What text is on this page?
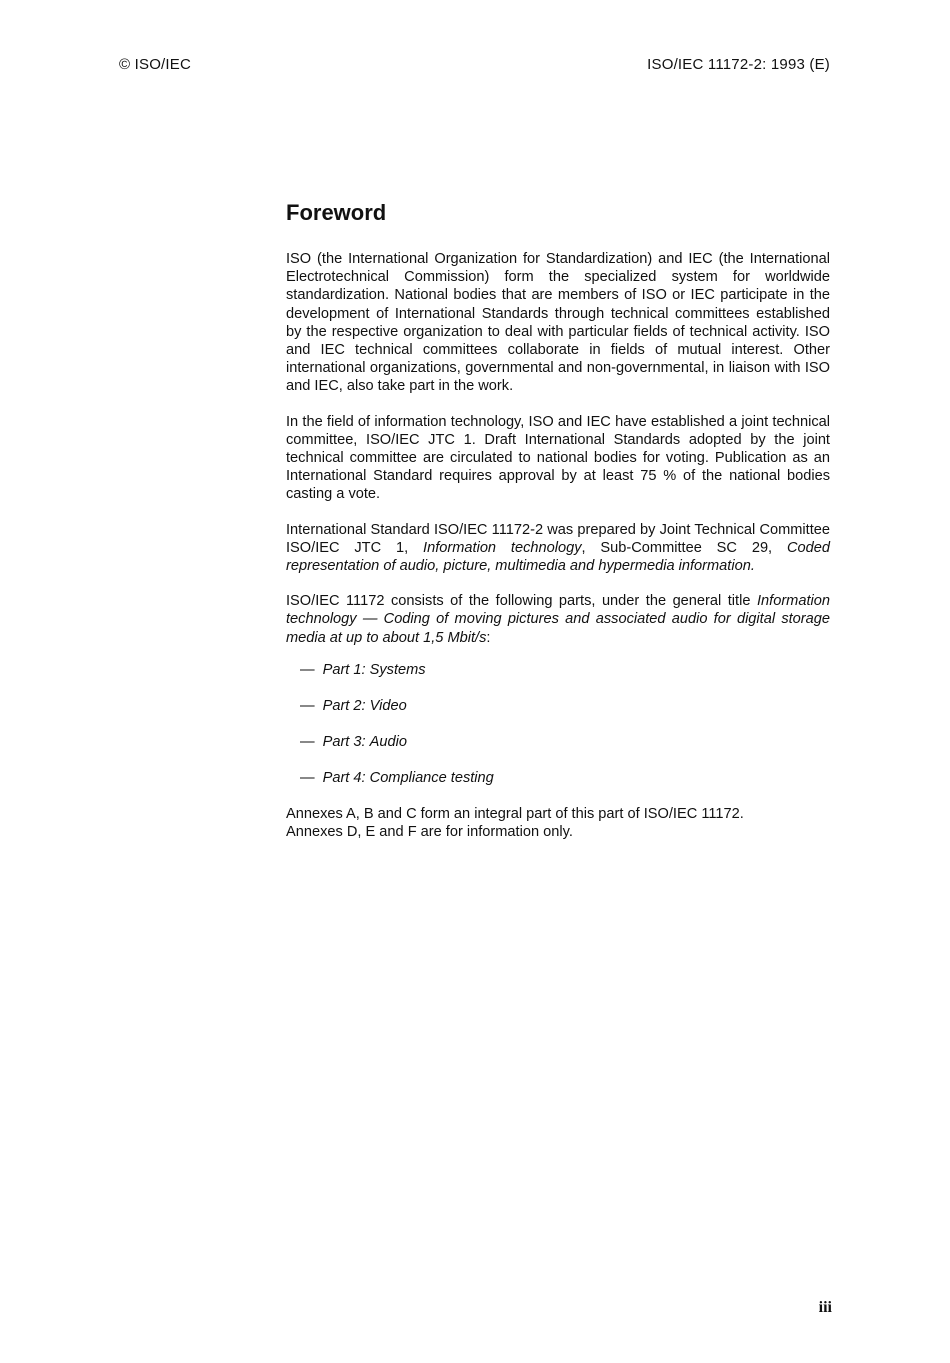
© ISO/IEC	ISO/IEC 11172-2: 1993 (E)
Foreword

ISO (the International Organization for Standardization) and IEC (the International Electrotechnical Commission) form the specialized system for worldwide standardization. National bodies that are members of ISO or IEC participate in the development of International Standards through technical committees established by the respective organization to deal with particular fields of technical activity. ISO and IEC technical committees collaborate in fields of mutual interest. Other international organizations, governmental and non-governmental, in liaison with ISO and IEC, also take part in the work.

In the field of information technology, ISO and IEC have established a joint technical committee, ISO/IEC JTC 1. Draft International Standards adopted by the joint technical committee are circulated to national bodies for voting. Publication as an International Standard requires approval by at least 75 % of the national bodies casting a vote.

International Standard ISO/IEC 11172-2 was prepared by Joint Technical Committee ISO/IEC JTC 1, Information technology, Sub-Committee SC 29, Coded representation of audio, picture, multimedia and hypermedia information.

ISO/IEC 11172 consists of the following parts, under the general title Information technology — Coding of moving pictures and associated audio for digital storage media at up to about 1,5 Mbit/s:

— Part 1: Systems
— Part 2: Video
— Part 3: Audio
— Part 4: Compliance testing

Annexes A, B and C form an integral part of this part of ISO/IEC 11172.
Annexes D, E and F are for information only.

iii
